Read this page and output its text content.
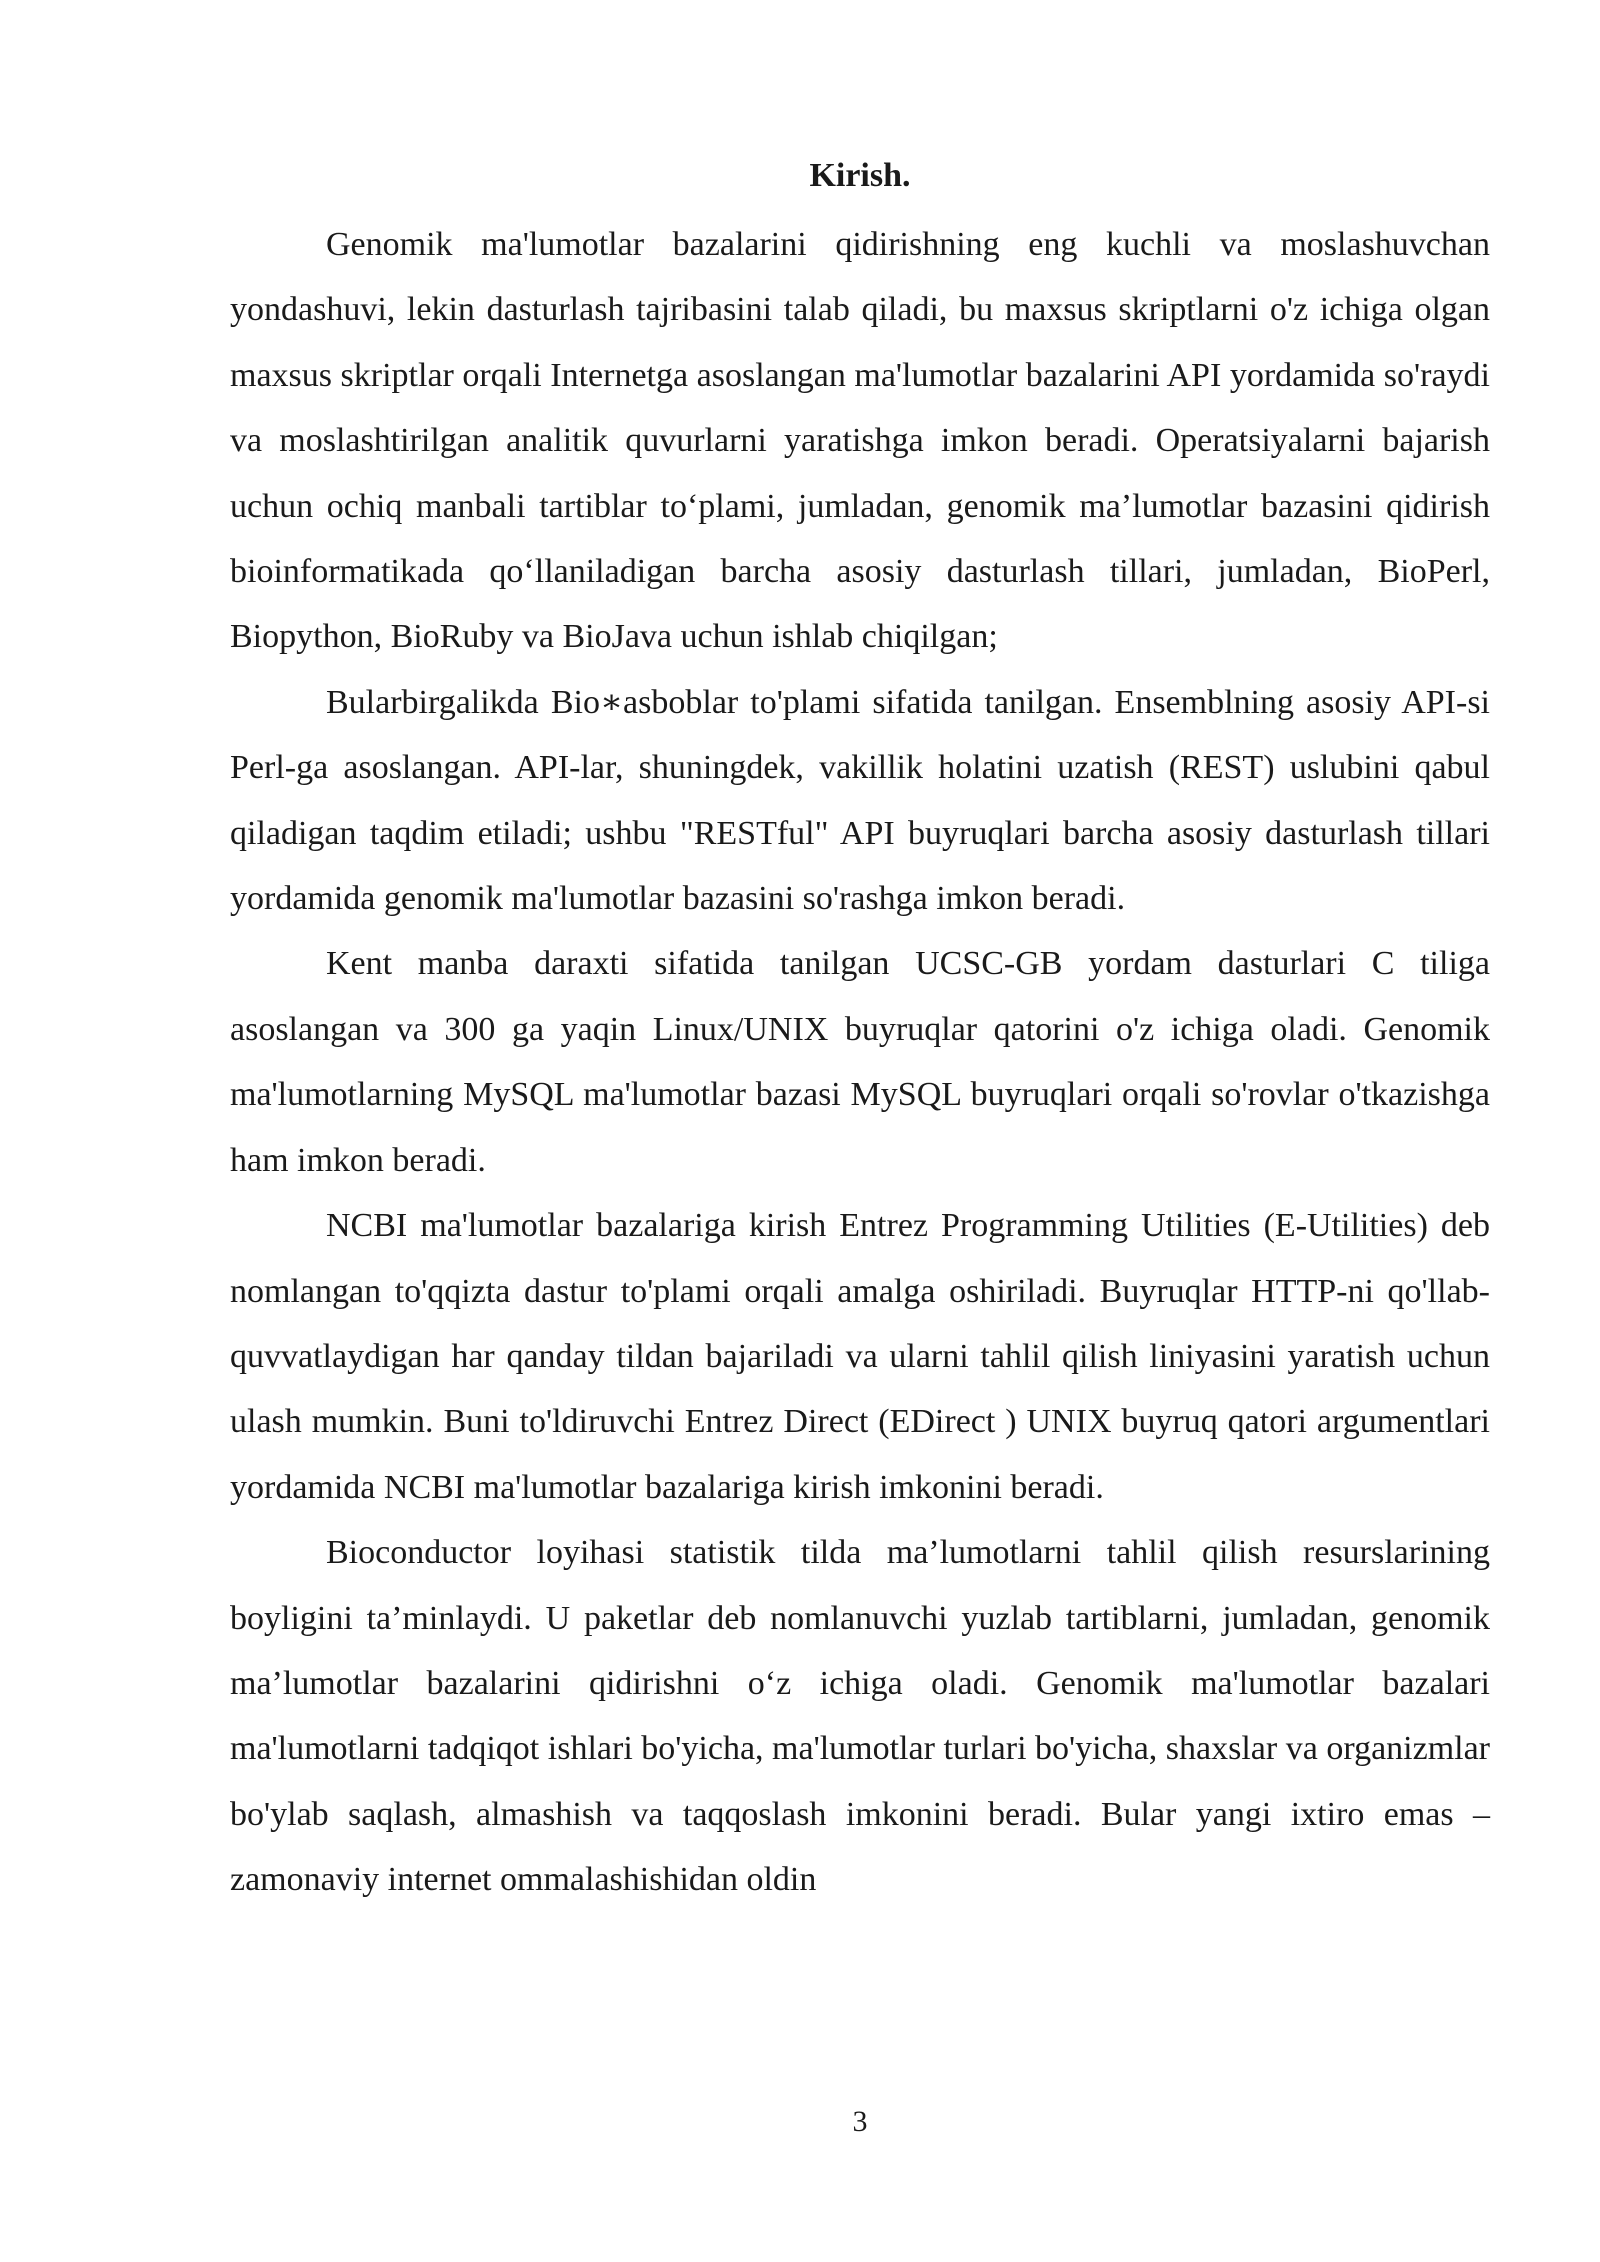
Kirish.

Genomik ma'lumotlar bazalarini qidirishning eng kuchli va moslashuvchan yondashuvi, lekin dasturlash tajribasini talab qiladi, bu maxsus skriptlarni o'z ichiga olgan maxsus skriptlar orqali Internetga asoslangan ma'lumotlar bazalarini API yordamida so'raydi va moslashtirilgan analitik quvurlarni yaratishga imkon beradi. Operatsiyalarni bajarish uchun ochiq manbali tartiblar to‘plami, jumladan, genomik ma’lumotlar bazasini qidirish bioinformatikada qo‘llaniladigan barcha asosiy dasturlash tillari, jumladan, BioPerl, Biopython, BioRuby va BioJava uchun ishlab chiqilgan;

Bularbirgalikda Bio∗asboblar to'plami sifatida tanilgan. Ensemblning asosiy API-si Perl-ga asoslangan. API-lar, shuningdek, vakillik holatini uzatish (REST) uslubini qabul qiladigan taqdim etiladi; ushbu "RESTful" API buyruqlari barcha asosiy dasturlash tillari yordamida genomik ma'lumotlar bazasini so'rashga imkon beradi.

Kent manba daraxti sifatida tanilgan UCSC-GB yordam dasturlari C tiliga asoslangan va 300 ga yaqin Linux/UNIX buyruqlar qatorini o'z ichiga oladi. Genomik ma'lumotlarning MySQL ma'lumotlar bazasi MySQL buyruqlari orqali so'rovlar o'tkazishga ham imkon beradi.

NCBI ma'lumotlar bazalariga kirish Entrez Programming Utilities (E-Utilities) deb nomlangan to'qqizta dastur to'plami orqali amalga oshiriladi. Buyruqlar HTTP-ni qo'llab-quvvatlaydigan har qanday tildan bajariladi va ularni tahlil qilish liniyasini yaratish uchun ulash mumkin. Buni to'ldiruvchi Entrez Direct (EDirect ) UNIX buyruq qatori argumentlari yordamida NCBI ma'lumotlar bazalariga kirish imkonini beradi.

Bioconductor loyihasi statistik tilda ma’lumotlarni tahlil qilish resurslarining boyligini ta’minlaydi. U paketlar deb nomlanuvchi yuzlab tartiblarni, jumladan, genomik ma’lumotlar bazalarini qidirishni o‘z ichiga oladi. Genomik ma'lumotlar bazalari ma'lumotlarni tadqiqot ishlari bo'yicha, ma'lumotlar turlari bo'yicha, shaxslar va organizmlar bo'ylab saqlash, almashish va taqqoslash imkonini beradi. Bular yangi ixtiro emas – zamonaviy internet ommalashishidan oldin

3
